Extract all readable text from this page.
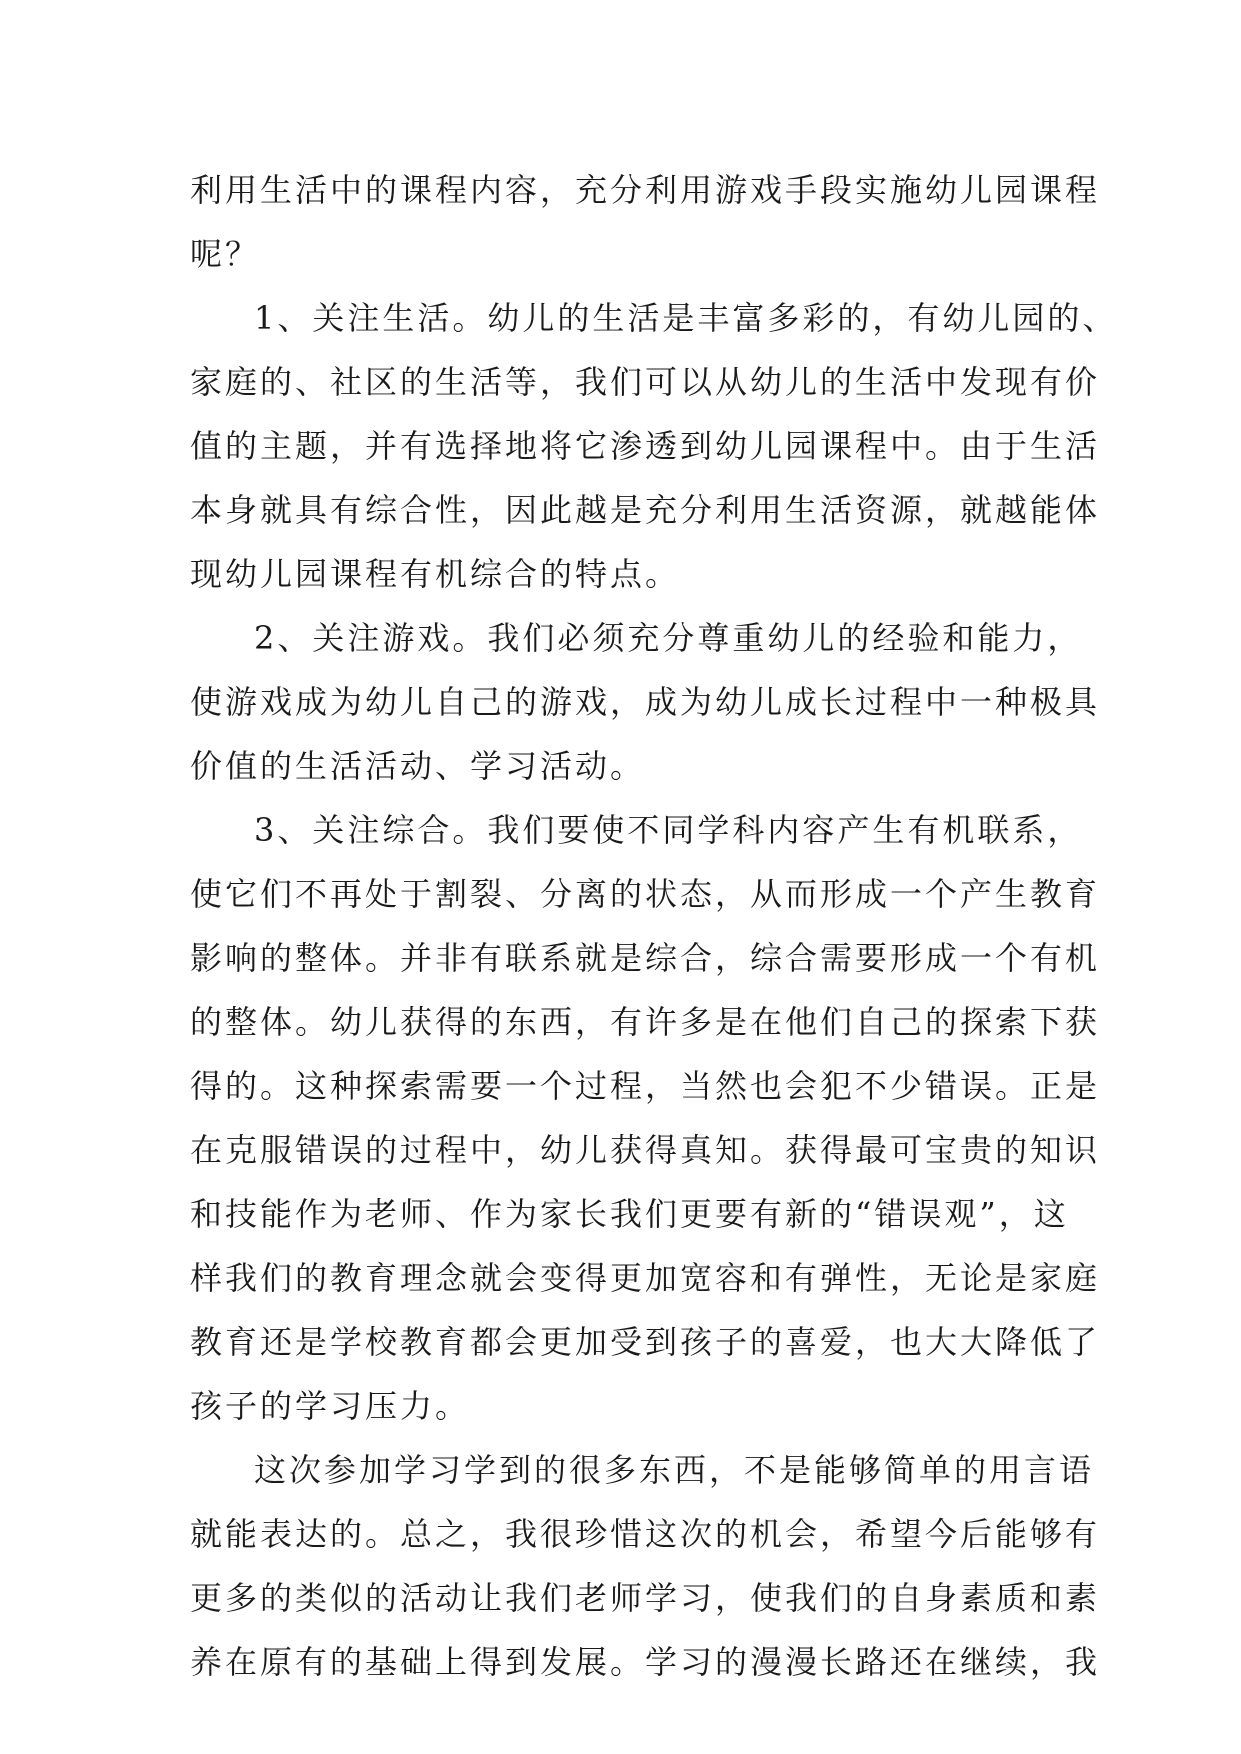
利用生活中的课程内容，充分利用游戏手段实施幼儿园课程
呢？
1、关注生活。幼儿的生活是丰富多彩的，有幼儿园的、
家庭的、社区的生活等，我们可以从幼儿的生活中发现有价
值的主题，并有选择地将它渗透到幼儿园课程中。由于生活
本身就具有综合性，因此越是充分利用生活资源，就越能体
现幼儿园课程有机综合的特点。
2、关注游戏。我们必须充分尊重幼儿的经验和能力，
使游戏成为幼儿自己的游戏，成为幼儿成长过程中一种极具
价值的生活活动、学习活动。
3、关注综合。我们要使不同学科内容产生有机联系，
使它们不再处于割裂、分离的状态，从而形成一个产生教育
影响的整体。并非有联系就是综合，综合需要形成一个有机
的整体。幼儿获得的东西，有许多是在他们自己的探索下获
得的。这种探索需要一个过程，当然也会犯不少错误。正是
在克服错误的过程中，幼儿获得真知。获得最可宝贵的知识
和技能作为老师、作为家长我们更要有新的“错误观”，这
样我们的教育理念就会变得更加宽容和有弹性，无论是家庭
教育还是学校教育都会更加受到孩子的喜爱，也大大降低了
孩子的学习压力。
这次参加学习学到的很多东西，不是能够简单的用言语
就能表达的。总之，我很珍惜这次的机会，希望今后能够有
更多的类似的活动让我们老师学习，使我们的自身素质和素
养在原有的基础上得到发展。学习的漫漫长路还在继续，我
